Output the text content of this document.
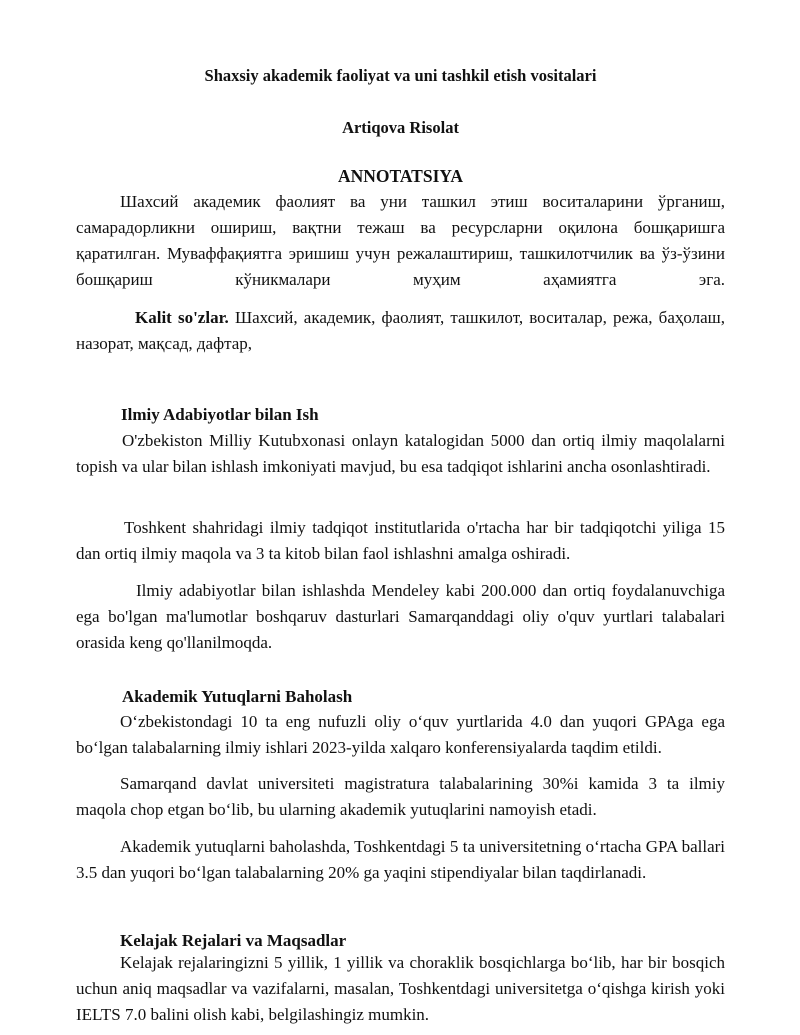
Shaxsiy akademik faoliyat va uni tashkil etish vositalari
Artiqova Risolat
ANNOTATSIYA

Шахсий академик фаолият ва уни ташкил этиш воситаларини ўрганиш, самарадорликни ошириш, вақтни тежаш ва ресурсларни оқилона бошқаришга қаратилган. Муваффақиятга эришиш учун режалаштириш, ташкилотчилик ва ўз-ўзини бошқариш кўникмалари муҳим аҳамиятга эга.

Kalit so'zlar. Шахсий, академик, фаолият, ташкилот, воситалар, режа, баҳолаш, назорат, мақсад, дафтар,

Ilmiy Adabiyotlar bilan Ish

O'zbekiston Milliy Kutubxonasi onlayn katalogidan 5000 dan ortiq ilmiy maqolalarni topish va ular bilan ishlash imkoniyati mavjud, bu esa tadqiqot ishlarini ancha osonlashtiradi.

Toshkent shahridagi ilmiy tadqiqot institutlarida o'rtacha har bir tadqiqotchi yiliga 15 dan ortiq ilmiy maqola va 3 ta kitob bilan faol ishlashni amalga oshiradi.

Ilmiy adabiyotlar bilan ishlashda Mendeley kabi 200.000 dan ortiq foydalanuvchiga ega bo'lgan ma'lumotlar boshqaruv dasturlari Samarqanddagi oliy o'quv yurtlari talabalari orasida keng qo'llanilmoqda.

Akademik Yutuqlarni Baholash

O‘zbekistondagi 10 ta eng nufuzli oliy o‘quv yurtlarida 4.0 dan yuqori GPAga ega bo‘lgan talabalarning ilmiy ishlari 2023-yilda xalqaro konferensiyalarda taqdim etildi.

Samarqand davlat universiteti magistratura talabalarining 30%i kamida 3 ta ilmiy maqola chop etgan bo‘lib, bu ularning akademik yutuqlarini namoyish etadi.

Akademik yutuqlarni baholashda, Toshkentdagi 5 ta universitetning o‘rtacha GPA ballari 3.5 dan yuqori bo‘lgan talabalarning 20% ga yaqini stipendiyalar bilan taqdirlanadi.

Kelajak Rejalari va Maqsadlar

Kelajak rejalaringizni 5 yillik, 1 yillik va choraklik bosqichlarga bo‘lib, har bir bosqich uchun aniq maqsadlar va vazifalarni, masalan, Toshkentdagi universitetga o‘qishga kirish yoki IELTS 7.0 balini olish kabi, belgilashingiz mumkin.
